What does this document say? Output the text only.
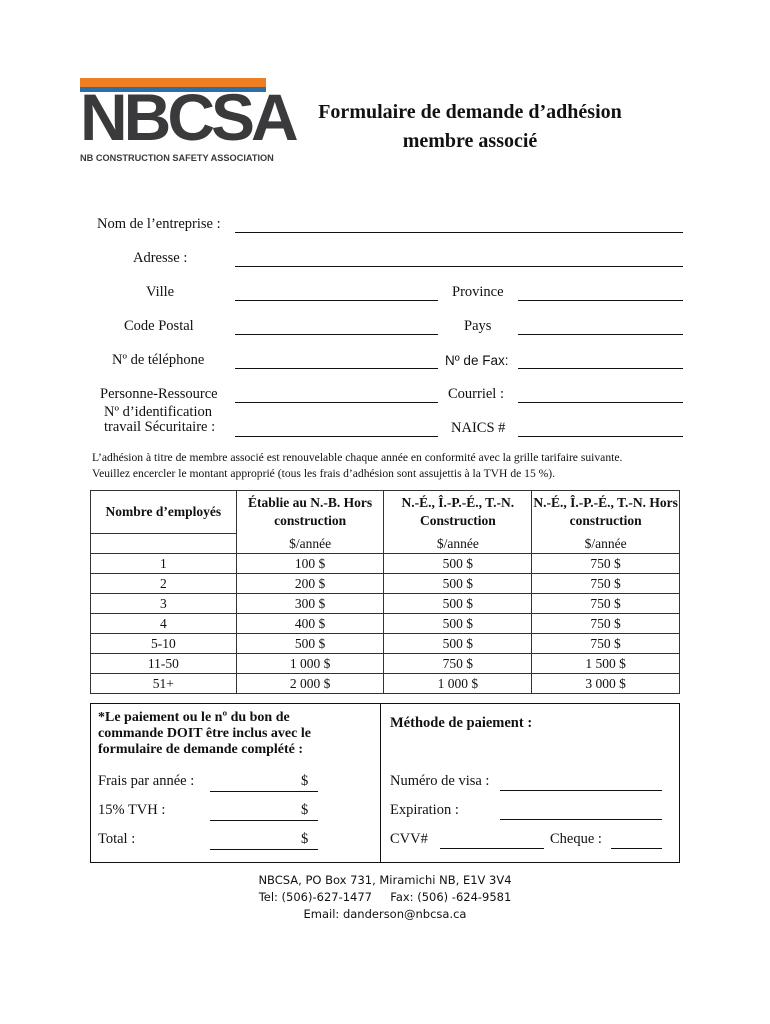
NBCSA
NB CONSTRUCTION SAFETY ASSOCIATION
Formulaire de demande d’adhésion
membre associé
Nom de l’entreprise :
Adresse :
Ville	Province
Code Postal	Pays
Nº de téléphone	Nº de Fax:
Personne-Ressource	Courriel :
Nº d’identification
travail Sécuritaire :	NAICS #
L’adhésion à titre de membre associé est renouvelable chaque année en conformité avec la grille tarifaire suivante.
Veuillez encercler le montant approprié (tous les frais d’adhésion sont assujettis à la TVH de 15 %).
Nombre d’employés	Établie au N.-B. Hors construction	N.-É., Î.-P.-É., T.-N. Construction	N.-É., Î.-P.-É., T.-N. Hors construction
	$/année	$/année	$/année
1	100 $	500 $	750 $
2	200 $	500 $	750 $
3	300 $	500 $	750 $
4	400 $	500 $	750 $
5-10	500 $	500 $	750 $
11-50	1 000 $	750 $	1 500 $
51+	2 000 $	1 000 $	3 000 $
*Le paiement ou le nº du bon de
commande DOIT être inclus avec le
formulaire de demande complété :
Méthode de paiement :
Frais par année :	$
15% TVH :	$
Total :	$
Numéro de visa :
Expiration :
CVV#	Cheque :
NBCSA, PO Box 731, Miramichi NB, E1V 3V4
Tel: (506)-627-1477     Fax: (506) -624-9581
Email: danderson@nbcsa.ca
